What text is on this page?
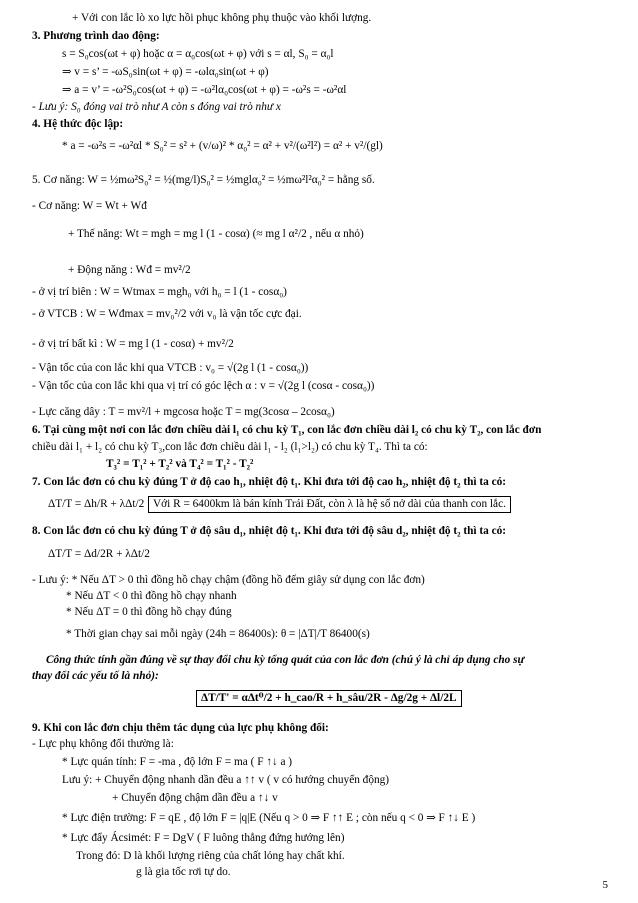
+ Với con lắc lò xo lực hồi phục không phụ thuộc vào khối lượng.
3. Phương trình dao động:
s = S₀cos(ωt + φ) hoặc α = α₀cos(ωt + φ) với s = αl, S₀ = α₀l
⇒ v = s’ = -ωS₀sin(ωt + φ) = -ωlα₀sin(ωt + φ)
⇒ a = v’ = -ω²S₀cos(ωt + φ) = -ω²lα₀cos(ωt + φ) = -ω²s = -ω²αl
- Lưu ý: S₀ đóng vai trò như A còn s đóng vai trò như x
4. Hệ thức độc lập:
* a = -ω²s = -ω²αl * S₀² = s² + (v/ω)² * α₀² = α² + v²/(ω²l²) = α² + v²/(gl)
5. Cơ năng: W = ½mω²S₀² = ½(mg/l)S₀² = ½mglα₀² = ½mω²l²α₀² = hằng số.
- Cơ năng: W = Wt + Wđ
+ Thế năng: Wt = mgh = mg l (1 - cosα) (≈ mg l α²/2 , nếu α nhỏ)
+ Động năng : Wđ = mv²/2
- ở vị trí biên : W = Wtmax = mgh₀ với h₀ = l (1 - cosα₀)
- ở VTCB : W = Wđmax = mv₀²/2 với v₀ là vận tốc cực đại.
- ở vị trí bất kì : W = mg l (1 - cosα) + mv²/2
- Vận tốc của con lắc khi qua VTCB : v₀ = √(2g l (1 - cosα₀))
- Vận tốc của con lắc khi qua vị trí có góc lệch α : v = √(2g l (cosα - cosα₀))
- Lực căng dây : T = mv²/l + mgcosα hoặc T = mg(3cosα – 2cosα₀)
6. Tại cùng một nơi con lắc đơn chiều dài l₁ có chu kỳ T₁, con lắc đơn chiều dài l₂ có chu kỳ T₂, con lắc đơn
chiều dài l₁ + l₂ có chu kỳ T₃,con lắc đơn chiều dài l₁ - l₂ (l₁>l₂) có chu kỳ T₄. Thì ta có:
T₃² = T₁² + T₂² và T₄² = T₁² - T₂²
7. Con lắc đơn có chu kỳ đúng T ở độ cao h₁, nhiệt độ t₁. Khi đưa tới độ cao h₂, nhiệt độ t₂ thì ta có:
ΔT/T = Δh/R + λΔt/2 Với R = 6400km là bán kính Trái Đất, còn λ là hệ số nở dài của thanh con lắc.
8. Con lắc đơn có chu kỳ đúng T ở độ sâu d₁, nhiệt độ t₁. Khi đưa tới độ sâu d₂, nhiệt độ t₂ thì ta có:
ΔT/T = Δd/2R + λΔt/2
- Lưu ý: * Nếu ΔT > 0 thì đồng hồ chạy chậm (đồng hồ đếm giây sử dụng con lắc đơn)
* Nếu ΔT < 0 thì đồng hồ chạy nhanh
* Nếu ΔT = 0 thì đồng hồ chạy đúng
* Thời gian chạy sai mỗi ngày (24h = 86400s): θ = |ΔT|/T 86400(s)
Công thức tính gần đúng về sự thay đổi chu kỳ tổng quát của con lắc đơn (chú ý là chỉ áp dụng cho sự
thay đổi các yếu tố là nhỏ):
ΔT/T' = αΔt⁰/2 + h_cao/R + h_sâu/2R - Δg/2g + Δl/2L
9. Khi con lắc đơn chịu thêm tác dụng của lực phụ không đổi:
- Lực phụ không đổi thường là:
* Lực quán tính: F = -ma , độ lớn F = ma ( F ↑↓ a )
Lưu ý: + Chuyển động nhanh dần đều a ↑↑ v ( v có hướng chuyển động)
+ Chuyển động chậm dần đều a ↑↓ v
* Lực điện trường: F = qE , độ lớn F = |q|E (Nếu q > 0 ⇒ F ↑↑ E ; còn nếu q < 0 ⇒ F ↑↓ E )
* Lực đẩy Ácsimét: F = DgV ( F luông thẳng đứng hướng lên)
Trong đó: D là khối lượng riêng của chất lỏng hay chất khí.
g là gia tốc rơi tự do.
5
